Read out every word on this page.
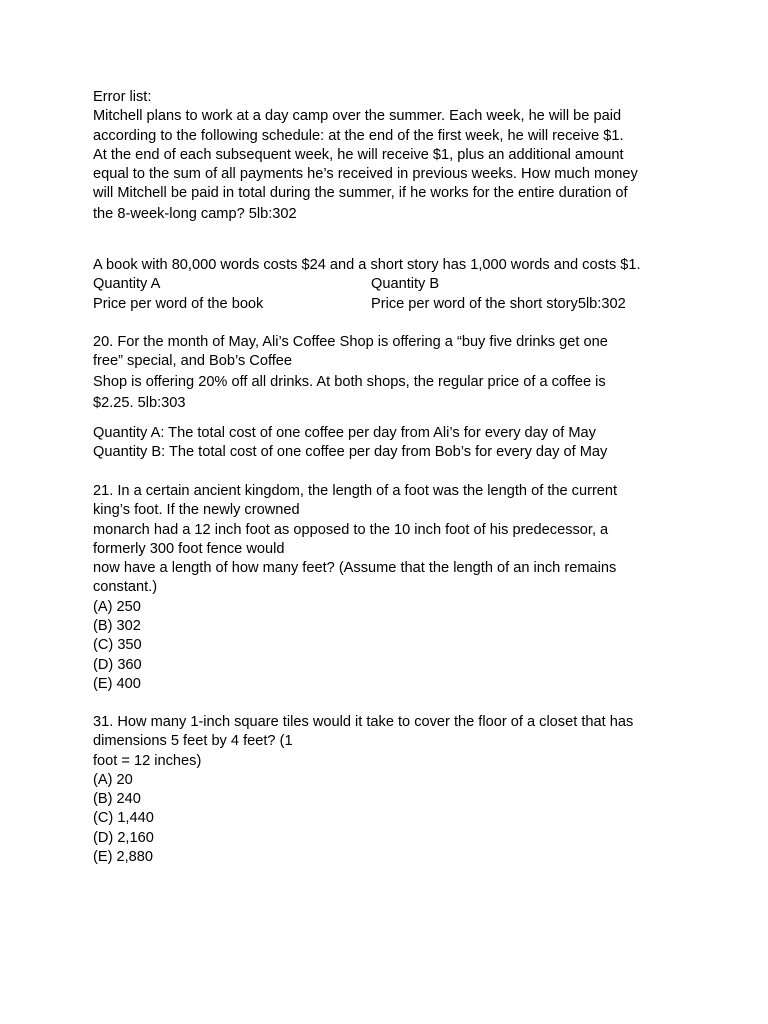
Error list:
Mitchell plans to work at a day camp over the summer. Each week, he will be paid
according to the following schedule: at the end of the first week, he will receive $1.
At the end of each subsequent week, he will receive $1, plus an additional amount
equal to the sum of all payments he’s received in previous weeks. How much money
will Mitchell be paid in total during the summer, if he works for the entire duration of
the 8-week-long camp? 5lb:302
A book with 80,000 words costs $24 and a short story has 1,000 words and costs $1.
Quantity A	Quantity B
Price per word of the book	Price per word of the short story5lb:302
20. For the month of May, Ali’s Coffee Shop is offering a “buy five drinks get one
free” special, and Bob’s Coffee
Shop is offering 20% off all drinks. At both shops, the regular price of a coffee is
$2.25. 5lb:303
Quantity A: The total cost of one coffee per day from Ali’s for every day of May
Quantity B: The total cost of one coffee per day from Bob’s for every day of May
21. In a certain ancient kingdom, the length of a foot was the length of the current
king’s foot. If the newly crowned
monarch had a 12 inch foot as opposed to the 10 inch foot of his predecessor, a
formerly 300 foot fence would
now have a length of how many feet? (Assume that the length of an inch remains
constant.)
(A) 250
(B) 302
(C) 350
(D) 360
(E) 400
31. How many 1-inch square tiles would it take to cover the floor of a closet that has
dimensions 5 feet by 4 feet? (1
foot = 12 inches)
(A) 20
(B) 240
(C) 1,440
(D) 2,160
(E) 2,880
